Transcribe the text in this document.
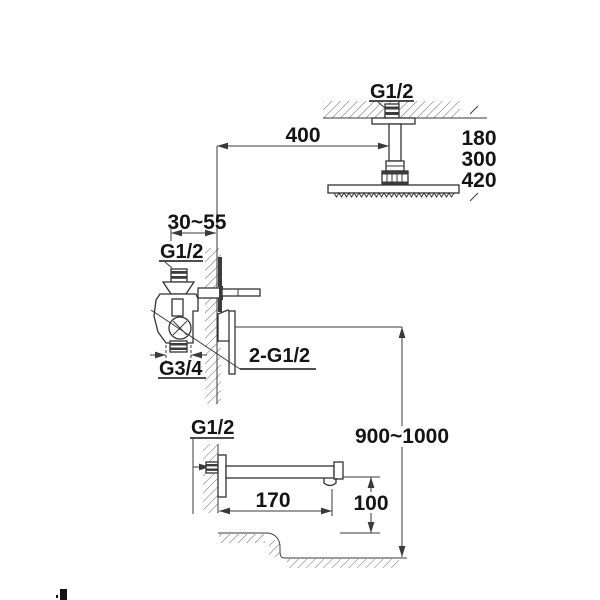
G1/2
400	180
300
420
30~55
G1/2
G3/4
2-G1/2
G1/2
170	100
900~1000
